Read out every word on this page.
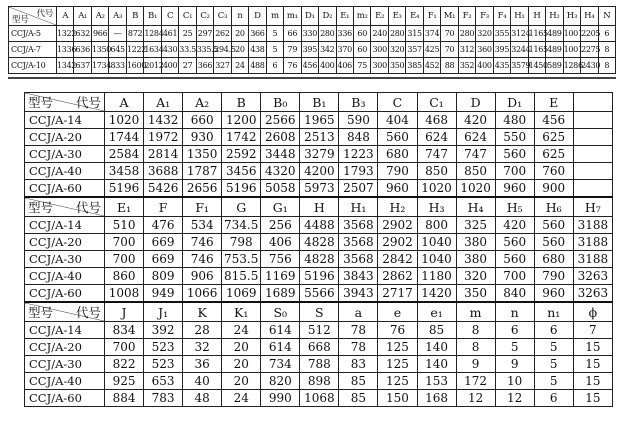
代号
型号	A	A₁	A₂	A₃	B	B₁	C	C₁	C₂	C₃	n	D	m	m₁	D₁	D₂	E₁	m₂	E₂	E₃	E₄	F₁	M₁	F₂	F₃	F₄	H₁	H	H₂	H₃	H₄	N
CCJ/A-5	1322	632	966	—	872	1284	461	25	297	262	20	366	5	66	330	280	336	60	240	280	315	374	70	280	320	355	3124	1165	489	1001	2205	6
CCJ/A-7	1336	636	1350	645	1222	1634	430	33.5	335.5	294.5	20	438	5	79	395	342	370	60	300	320	357	425	70	312	360	395	3244	1165	489	1001	2275	8
CCJ/A-10	1342	637	1734	833	1600	2012	400	27	366	327	24	488	6	76	456	400	406	75	300	350	385	452	88	352	400	435	3579	1450	589	1286	2430	8
代号
型号	A	A₁	A₂	B	B₀	B₁	B₃	C	C₁	D	D₁	E	
CCJ/A-14	1020	1432	660	1200	2566	1965	590	404	468	420	480	456	
CCJ/A-20	1744	1972	930	1742	2608	2513	848	560	624	624	550	625	
CCJ/A-30	2584	2814	1350	2592	3448	3279	1223	680	747	747	560	625	
CCJ/A-40	3458	3688	1787	3456	4320	4200	1793	790	850	850	700	760	
CCJ/A-60	5196	5426	2656	5196	5058	5973	2507	960	1020	1020	960	900	

代号
型号	E₁	F	F₁	G	G₁	H	H₁	H₂	H₃	H₄	H₅	H₆	H₇
CCJ/A-14	510	476	534	734.5	256	4488	3568	2902	800	325	420	560	3188
CCJ/A-20	700	669	746	798	406	4828	3568	2902	1040	380	560	560	3188
CCJ/A-30	700	669	746	753.5	756	4828	3568	2842	1040	380	560	680	3188
CCJ/A-40	860	809	906	815.5	1169	5196	3843	2862	1180	320	700	790	3263
CCJ/A-60	1008	949	1066	1069	1689	5566	3943	2717	1420	350	840	960	3263

代号
型号	J	J₁	K	K₁	S₀	S	a	e	e₁	m	n	n₁	ϕ
CCJ/A-14	834	392	28	24	614	512	78	76	85	8	6	6	7
CCJ/A-20	700	523	32	20	614	668	78	125	140	8	5	5	15
CCJ/A-30	822	523	36	20	734	788	83	125	140	9	9	5	15
CCJ/A-40	925	653	40	20	820	898	85	125	153	172	10	5	15
CCJ/A-60	884	783	48	24	990	1068	85	150	168	12	12	6	15
